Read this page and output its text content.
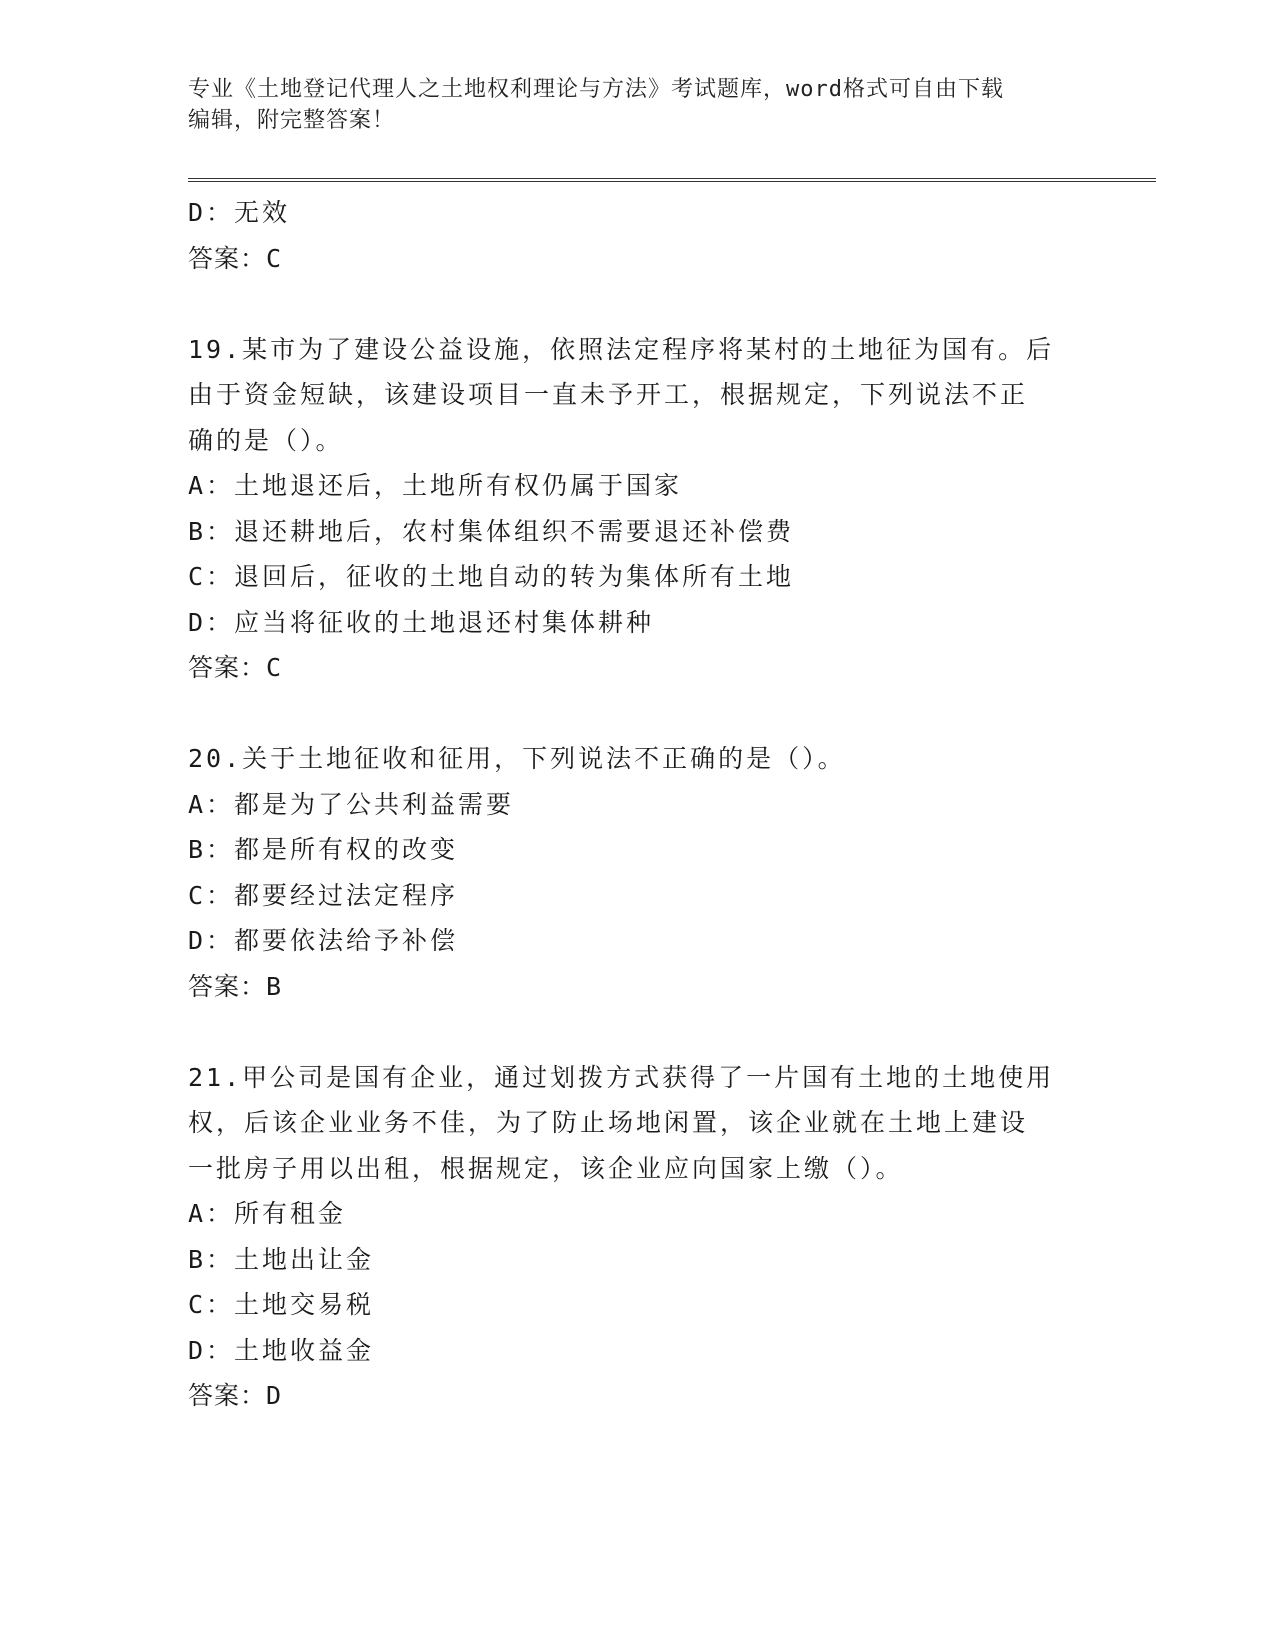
专业《土地登记代理人之土地权利理论与方法》考试题库，word格式可自由下载
编辑，附完整答案！
D：无效
答案：C
19.某市为了建设公益设施，依照法定程序将某村的土地征为国有。后
由于资金短缺，该建设项目一直未予开工，根据规定，下列说法不正
确的是（）。
A：土地退还后，土地所有权仍属于国家
B：退还耕地后，农村集体组织不需要退还补偿费
C：退回后，征收的土地自动的转为集体所有土地
D：应当将征收的土地退还村集体耕种
答案：C
20.关于土地征收和征用，下列说法不正确的是（）。
A：都是为了公共利益需要
B：都是所有权的改变
C：都要经过法定程序
D：都要依法给予补偿
答案：B
21.甲公司是国有企业，通过划拨方式获得了一片国有土地的土地使用
权，后该企业业务不佳，为了防止场地闲置，该企业就在土地上建设
一批房子用以出租，根据规定，该企业应向国家上缴（）。
A：所有租金
B：土地出让金
C：土地交易税
D：土地收益金
答案：D
